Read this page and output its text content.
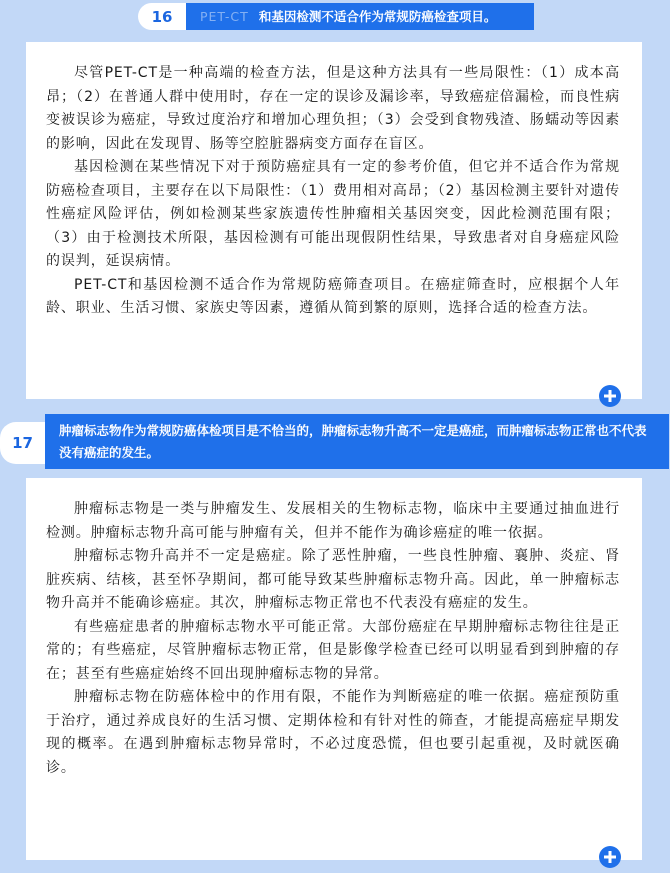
16	PET-CT 和基因检测不适合作为常规防癌检查项目。

尽管PET-CT是一种高端的检查方法，但是这种方法具有一些局限性：（1）成本高昂；（2）在普通人群中使用时，存在一定的误诊及漏诊率，导致癌症倍漏检，而良性病变被误诊为癌症，导致过度治疗和增加心理负担；（3）会受到食物残渣、肠蠕动等因素的影响，因此在发现胃、肠等空腔脏器病变方面存在盲区。

基因检测在某些情况下对于预防癌症具有一定的参考价值，但它并不适合作为常规防癌检查项目，主要存在以下局限性：（1）费用相对高昂；（2）基因检测主要针对遗传性癌症风险评估，例如检测某些家族遗传性肿瘤相关基因突变，因此检测范围有限；（3）由于检测技术所限，基因检测有可能出现假阴性结果，导致患者对自身癌症风险的误判，延误病情。

PET-CT和基因检测不适合作为常规防癌筛查项目。在癌症筛查时，应根据个人年龄、职业、生活习惯、家族史等因素，遵循从简到繁的原则，选择合适的检查方法。

17
肿瘤标志物作为常规防癌体检项目是不恰当的，肿瘤标志物升高不一定是癌症，而肿瘤标志物正常也不代表没有癌症的发生。

肿瘤标志物是一类与肿瘤发生、发展相关的生物标志物，临床中主要通过抽血进行检测。肿瘤标志物升高可能与肿瘤有关，但并不能作为确诊癌症的唯一依据。

肿瘤标志物升高并不一定是癌症。除了恶性肿瘤，一些良性肿瘤、襄肿、炎症、肾脏疾病、结核，甚至怀孕期间，都可能导致某些肿瘤标志物升高。因此，单一肿瘤标志物升高并不能确诊癌症。其次，肿瘤标志物正常也不代表没有癌症的发生。

有些癌症患者的肿瘤标志物水平可能正常。大部份癌症在早期肿瘤标志物往往是正常的；有些癌症，尽管肿瘤标志物正常，但是影像学检查已经可以明显看到到肿瘤的存在；甚至有些癌症始终不回出现肿瘤标志物的异常。

肿瘤标志物在防癌体检中的作用有限，不能作为判断癌症的唯一依据。癌症预防重于治疗，通过养成良好的生活习惯、定期体检和有针对性的筛查，才能提高癌症早期发现的概率。在遇到肿瘤标志物异常时，不必过度恐慌，但也要引起重视，及时就医确诊。
